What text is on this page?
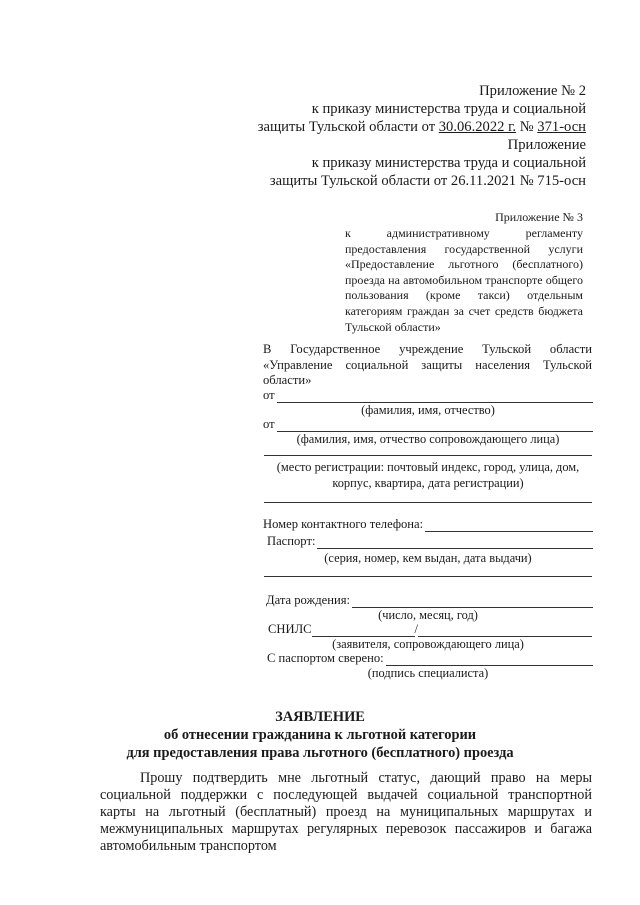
Приложение № 2
к приказу министерства труда и социальной
защиты Тульской области от 30.06.2022 г. № 371-осн
Приложение
к приказу министерства труда и социальной
защиты Тульской области от 26.11.2021 № 715-осн
Приложение № 3
к административному регламенту
предоставления государственной услуги «Предоставление льготного (бесплатного) проезда на автомобильном транспорте общего пользования (кроме такси) отдельным категориям граждан за счет средств бюджета Тульской области»
В Государственное учреждение Тульской области «Управление социальной защиты населения Тульской области»
от
(фамилия, имя, отчество)
от
(фамилия, имя, отчество сопровождающего лица)
(место регистрации: почтовый индекс, город, улица, дом,
корпус, квартира, дата регистрации)
Номер контактного телефона:
Паспорт:
(серия, номер, кем выдан, дата выдачи)
Дата рождения:
(число, месяц, год)
СНИЛС	/
(заявителя, сопровождающего лица)
С паспортом сверено:
(подпись специалиста)
ЗАЯВЛЕНИЕ
об отнесении гражданина к льготной категории
для предоставления права льготного (бесплатного) проезда
Прошу подтвердить мне льготный статус, дающий право на меры социальной поддержки с последующей выдачей социальной транспортной карты на льготный (бесплатный) проезд на муниципальных маршрутах и межмуниципальных маршрутах регулярных перевозок пассажиров и багажа автомобильным транспортом
